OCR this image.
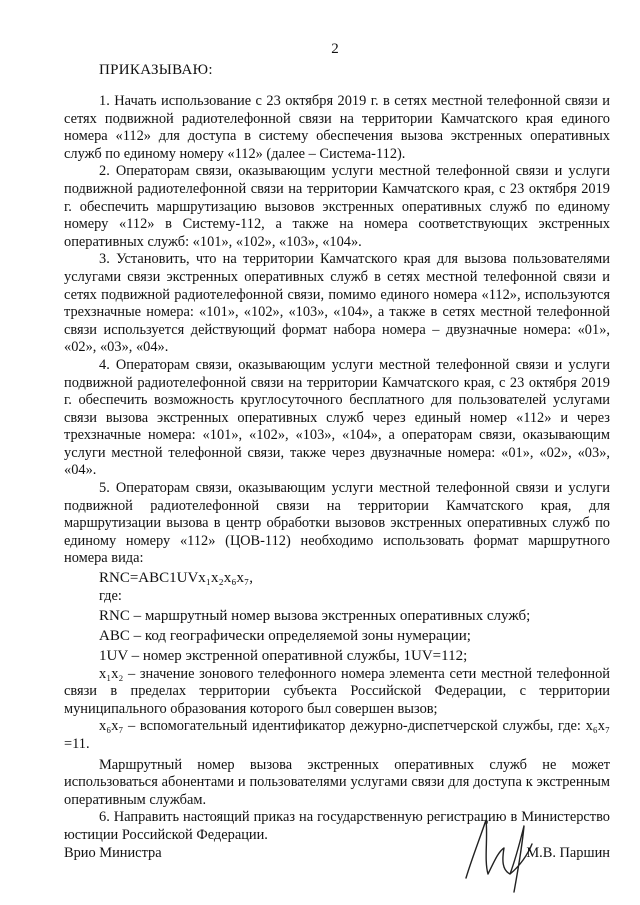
2
ПРИКАЗЫВАЮ:

1. Начать использование с 23 октября 2019 г. в сетях местной телефонной связи и сетях подвижной радиотелефонной связи на территории Камчатского края единого номера «112» для доступа в систему обеспечения вызова экстренных оперативных служб по единому номеру «112» (далее – Система-112).

2. Операторам связи, оказывающим услуги местной телефонной связи и услуги подвижной радиотелефонной связи на территории Камчатского края, с 23 октября 2019 г. обеспечить маршрутизацию вызовов экстренных оперативных служб по единому номеру «112» в Систему-112, а также на номера соответствующих экстренных оперативных служб: «101», «102», «103», «104».

3. Установить, что на территории Камчатского края для вызова пользователями услугами связи экстренных оперативных служб в сетях местной телефонной связи и сетях подвижной радиотелефонной связи, помимо единого номера «112», используются трехзначные номера: «101», «102», «103», «104», а также в сетях местной телефонной связи используется действующий формат набора номера – двузначные номера: «01», «02», «03», «04».

4. Операторам связи, оказывающим услуги местной телефонной связи и услуги подвижной радиотелефонной связи на территории Камчатского края, с 23 октября 2019 г. обеспечить возможность круглосуточного бесплатного для пользователей услугами связи вызова экстренных оперативных служб через единый номер «112» и через трехзначные номера: «101», «102», «103», «104», а операторам связи, оказывающим услуги местной телефонной связи, также через двузначные номера: «01», «02», «03», «04».

5. Операторам связи, оказывающим услуги местной телефонной связи и услуги подвижной радиотелефонной связи на территории Камчатского края, для маршрутизации вызова в центр обработки вызовов экстренных оперативных служб по единому номеру «112» (ЦОВ-112) необходимо использовать формат маршрутного номера вида:

RNC=ABC1UVx₁x₂x₆x₇,

где:

RNC – маршрутный номер вызова экстренных оперативных служб;

ABC – код географически определяемой зоны нумерации;

1UV – номер экстренной оперативной службы, 1UV=112;

x₁x₂ – значение зонового телефонного номера элемента сети местной телефонной связи в пределах территории субъекта Российской Федерации, с территории муниципального образования которого был совершен вызов;

x₆x₇ – вспомогательный идентификатор дежурно-диспетчерской службы, где: x₆x₇ =11.

Маршрутный номер вызова экстренных оперативных служб не может использоваться абонентами и пользователями услугами связи для доступа к экстренным оперативным службам.

6. Направить настоящий приказ на государственную регистрацию в Министерство юстиции Российской Федерации.

Врио Министра	М.В. Паршин
